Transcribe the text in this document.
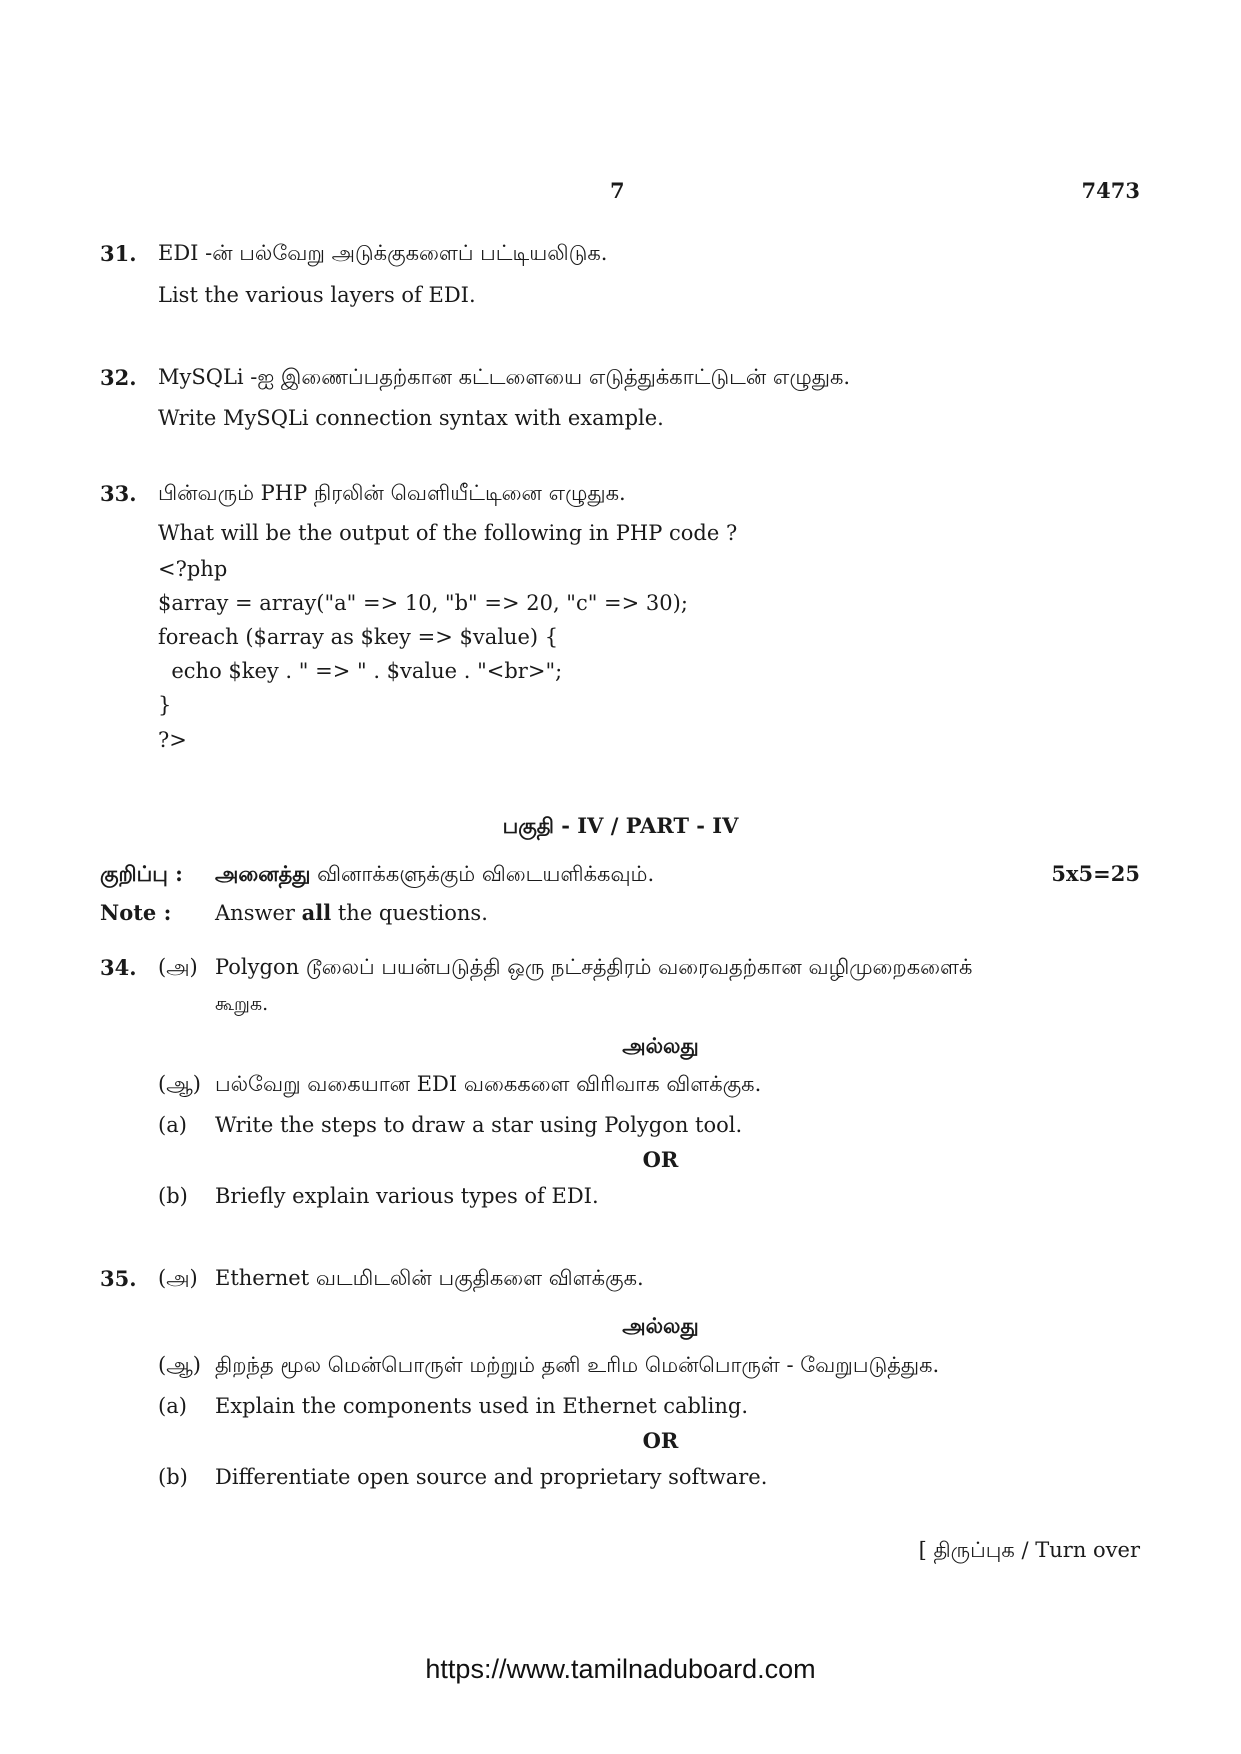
7	7473
31. EDI -ன் பல்வேறு அடுக்குகளைப் பட்டியலிடுக.
List the various layers of EDI.
32. MySQLi -ஐ இணைப்பதற்கான கட்டளையை எடுத்துக்காட்டுடன் எழுதுக.
Write MySQLi connection syntax with example.
33. பின்வரும் PHP நிரலின் வெளியீட்டினை எழுதுக.
What will be the output of the following in PHP code ?
<?php
$array = array("a" => 10, "b" => 20, "c" => 30);
foreach ($array as $key => $value) {
echo $key . " => " . $value . "<br>";
}
?>
பகுதி - IV / PART - IV
குறிப்பு : அனைத்து வினாக்களுக்கும் விடையளிக்கவும்.	5x5=25
Note : Answer all the questions.
34. (அ) Polygon டூலைப் பயன்படுத்தி ஒரு நட்சத்திரம் வரைவதற்கான வழிமுறைகளைக்
கூறுக.
அல்லது
(ஆ) பல்வேறு வகையான EDI வகைகளை விரிவாக விளக்குக.
(a) Write the steps to draw a star using Polygon tool.
OR
(b) Briefly explain various types of EDI.
35. (அ) Ethernet வடமிடலின் பகுதிகளை விளக்குக.
அல்லது
(ஆ) திறந்த மூல மென்பொருள் மற்றும் தனி உரிம மென்பொருள் - வேறுபடுத்துக.
(a) Explain the components used in Ethernet cabling.
OR
(b) Differentiate open source and proprietary software.
[ திருப்புக / Turn over
https://www.tamilnaduboard.com
